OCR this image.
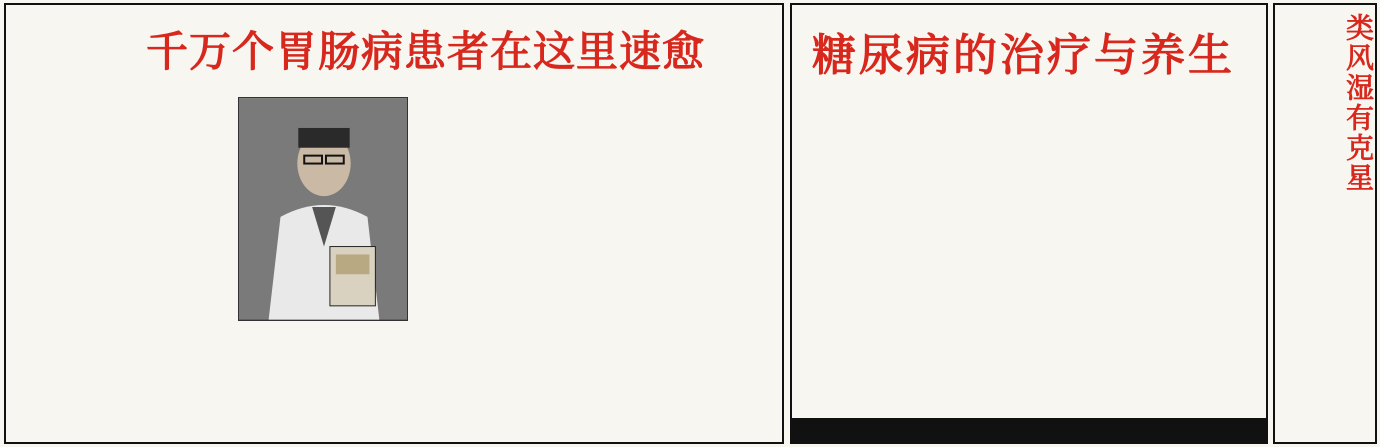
千万个胃肠病患者在这里速愈 糖尿病的治疗与养生	类风湿有克星
